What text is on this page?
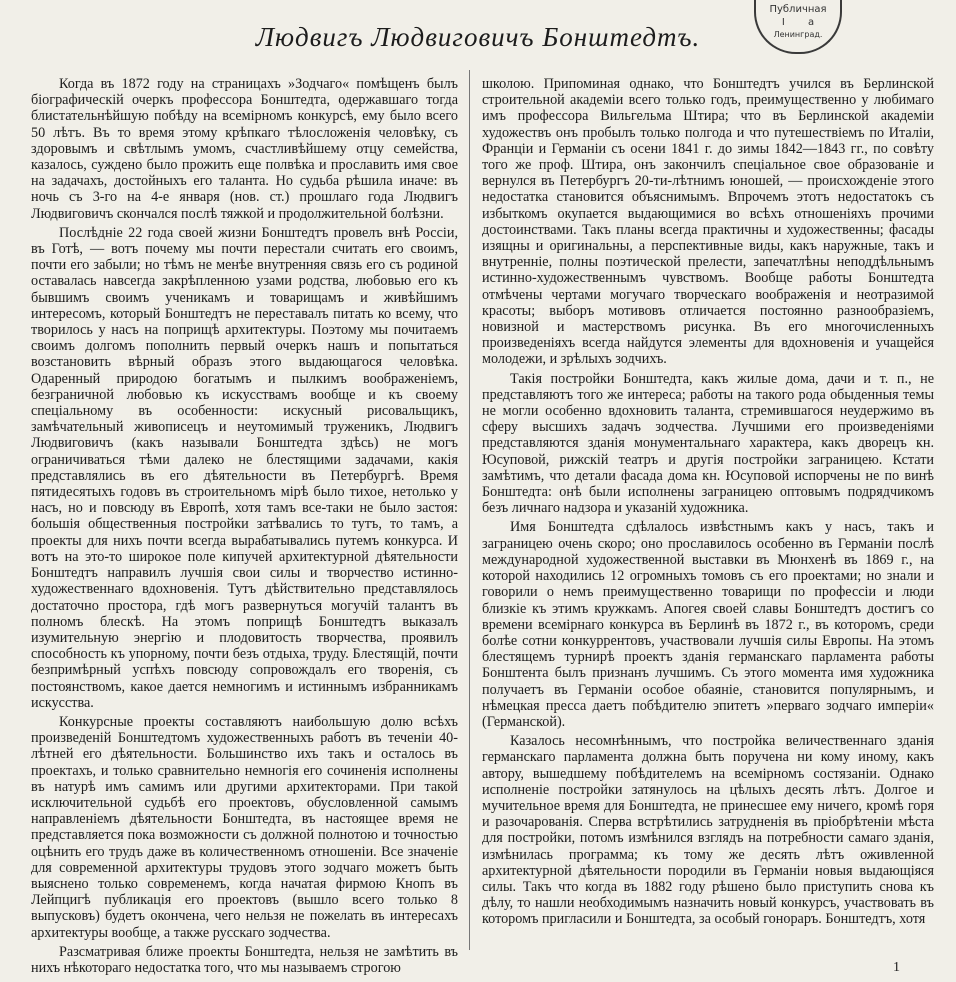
Публичная
I а
Ленинград.
Людвигъ Людвиговичъ Бонштедтъ.

Когда въ 1872 году на страницахъ »Зодчаго« помѣщенъ былъ біографическій очеркъ профессора Бонштедта, одержавшаго тогда блистательнѣйшую побѣду на всемірномъ конкурсѣ, ему было всего 50 лѣтъ. Въ то время этому крѣпкаго тѣлосложенія человѣку, съ здоровымъ и свѣтлымъ умомъ, счастливѣйшему отцу семейства, казалось, суждено было прожить еще полвѣка и прославить имя свое на задачахъ, достойныхъ его таланта. Но судьба рѣшила иначе: въ ночь съ 3-го на 4-е января (нов. ст.) прошлаго года Людвигъ Людвиговичъ скончался послѣ тяжкой и продолжительной болѣзни.

Послѣдніе 22 года своей жизни Бонштедтъ провелъ внѣ Россіи, въ Готѣ, — вотъ почему мы почти перестали считать его своимъ, почти его забыли; но тѣмъ не менѣе внутренняя связь его съ родиной оставалась навсегда закрѣпленною узами родства, любовью его къ бывшимъ своимъ ученикамъ и товарищамъ и живѣйшимъ интересомъ, который Бонштедтъ не переставалъ питать ко всему, что творилось у насъ на поприщѣ архитектуры. Поэтому мы почитаемъ своимъ долгомъ пополнить первый очеркъ нашъ и попытаться возстановить вѣрный образъ этого выдающагося человѣка. Одаренный природою богатымъ и пылкимъ воображеніемъ, безграничной любовью къ искусствамъ вообще и къ своему спеціальному въ особенности: искусный рисовальщикъ, замѣчательный живописецъ и неутомимый труженикъ, Людвигъ Людвиговичъ (какъ называли Бонштедта здѣсь) не могъ ограничиваться тѣми далеко не блестящими задачами, какія представлялись въ его дѣятельности въ Петербургѣ. Время пятидесятыхъ годовъ въ строительномъ мірѣ было тихое, нетолько у насъ, но и повсюду въ Европѣ, хотя тамъ все-таки не было застоя: большія общественныя постройки затѣвались то тутъ, то тамъ, а проекты для нихъ почти всегда вырабатывались путемъ конкурса. И вотъ на это-то широкое поле кипучей архитектурной дѣятельности Бонштедтъ направилъ лучшія свои силы и творчество истинно-художественнаго вдохновенія. Тутъ дѣйствительно представлялось достаточно простора, гдѣ могъ развернуться могучій талантъ въ полномъ блескѣ. На этомъ поприщѣ Бонштедтъ выказалъ изумительную энергію и плодовитость творчества, проявилъ способность къ упорному, почти безъ отдыха, труду. Блестящій, почти безпримѣрный успѣхъ повсюду сопровождалъ его творенія, съ постоянствомъ, какое дается немногимъ и истиннымъ избранникамъ искусства.

Конкурсные проекты составляютъ наибольшую долю всѣхъ произведеній Бонштедтомъ художественныхъ работъ въ теченіи 40-лѣтней его дѣятельности. Большинство ихъ такъ и осталось въ проектахъ, и только сравнительно немногія его сочиненія исполнены въ натурѣ имъ самимъ или другими архитекторами. При такой исключительной судьбѣ его проектовъ, обусловленной самымъ направленіемъ дѣятельности Бонштедта, въ настоящее время не представляется пока возможности съ должной полнотою и точностью оцѣнить его трудъ даже въ количественномъ отношеніи. Все значеніе для современной архитектуры трудовъ этого зодчаго можетъ быть выяснено только современемъ, когда начатая фирмою Кнопъ въ Лейпцигѣ публикація его проектовъ (вышло всего только 8 выпусковъ) будетъ окончена, чего нельзя не пожелать въ интересахъ архитектуры вообще, а также русскаго зодчества.

Разсматривая ближе проекты Бонштедта, нельзя не замѣтить въ нихъ нѣкотораго недостатка того, что мы называемъ строгою

школою. Припоминая однако, что Бонштедтъ учился въ Берлинской строительной академіи всего только годъ, преимущественно у любимаго имъ профессора Вильгельма Штира; что въ Берлинской академіи художествъ онъ пробылъ только полгода и что путешествіемъ по Италіи, Франціи и Германіи съ осени 1841 г. до зимы 1842—1843 гг., по совѣту того же проф. Штира, онъ закончилъ спеціальное свое образованіе и вернулся въ Петербургъ 20-ти-лѣтнимъ юношей, — происхожденіе этого недостатка становится объяснимымъ. Впрочемъ этотъ недостатокъ съ избыткомъ окупается выдающимися во всѣхъ отношеніяхъ прочими достоинствами. Такъ планы всегда практичны и художественны; фасады изящны и оригинальны, а перспективные виды, какъ наружные, такъ и внутренніе, полны поэтической прелести, запечатлѣны неподдѣльнымъ истинно-художественнымъ чувствомъ. Вообще работы Бонштедта отмѣчены чертами могучаго творческаго воображенія и неотразимой красоты; выборъ мотивовъ отличается постоянно разнообразіемъ, новизной и мастерствомъ рисунка. Въ его многочисленныхъ произведеніяхъ всегда найдутся элементы для вдохновенія и учащейся молодежи, и зрѣлыхъ зодчихъ.

Такія постройки Бонштедта, какъ жилые дома, дачи и т. п., не представляютъ того же интереса; работы на такого рода обыденныя темы не могли особенно вдохновить таланта, стремившагося неудержимо въ сферу высшихъ задачъ зодчества. Лучшими его произведеніями представляются зданія монументальнаго характера, какъ дворецъ кн. Юсуповой, рижскій театръ и другія постройки заграницею. Кстати замѣтимъ, что детали фасада дома кн. Юсуповой испорчены не по винѣ Бонштедта: онѣ были исполнены заграницею оптовымъ подрядчикомъ безъ личнаго надзора и указаній художника.

Имя Бонштедта сдѣлалось извѣстнымъ какъ у насъ, такъ и заграницею очень скоро; оно прославилось особенно въ Германіи послѣ международной художественной выставки въ Мюнхенѣ въ 1869 г., на которой находились 12 огромныхъ томовъ съ его проектами; но знали и говорили о немъ преимущественно товарищи по профессіи и люди близкіе къ этимъ кружкамъ. Апогея своей славы Бонштедтъ достигъ со времени всемірнаго конкурса въ Берлинѣ въ 1872 г., въ которомъ, среди болѣе сотни конкуррентовъ, участвовали лучшія силы Европы. На этомъ блестящемъ турнирѣ проектъ зданія германскаго парламента работы Бонштента былъ признанъ лучшимъ. Съ этого момента имя художника получаетъ въ Германіи особое обаяніе, становится популярнымъ, и нѣмецкая пресса даетъ побѣдителю эпитетъ »перваго зодчаго имперіи« (Германской).

Казалось несомнѣннымъ, что постройка величественнаго зданія германскаго парламента должна быть поручена ни кому иному, какъ автору, вышедшему побѣдителемъ на всемірномъ состязаніи. Однако исполненіе постройки затянулось на цѣлыхъ десять лѣтъ. Долгое и мучительное время для Бонштедта, не принесшее ему ничего, кромѣ горя и разочарованія. Сперва встрѣтились затрудненія въ пріобрѣтеніи мѣста для постройки, потомъ измѣнился взглядъ на потребности самаго зданія, измѣнилась программа; къ тому же десять лѣтъ оживленной архитектурной дѣятельности породили въ Германіи новыя выдающіяся силы. Такъ что когда въ 1882 году рѣшено было приступить снова къ дѣлу, то нашли необходимымъ назначить новый конкурсъ, участвовать въ которомъ пригласили и Бонштедта, за особый гонораръ. Бонштедтъ, хотя

1
